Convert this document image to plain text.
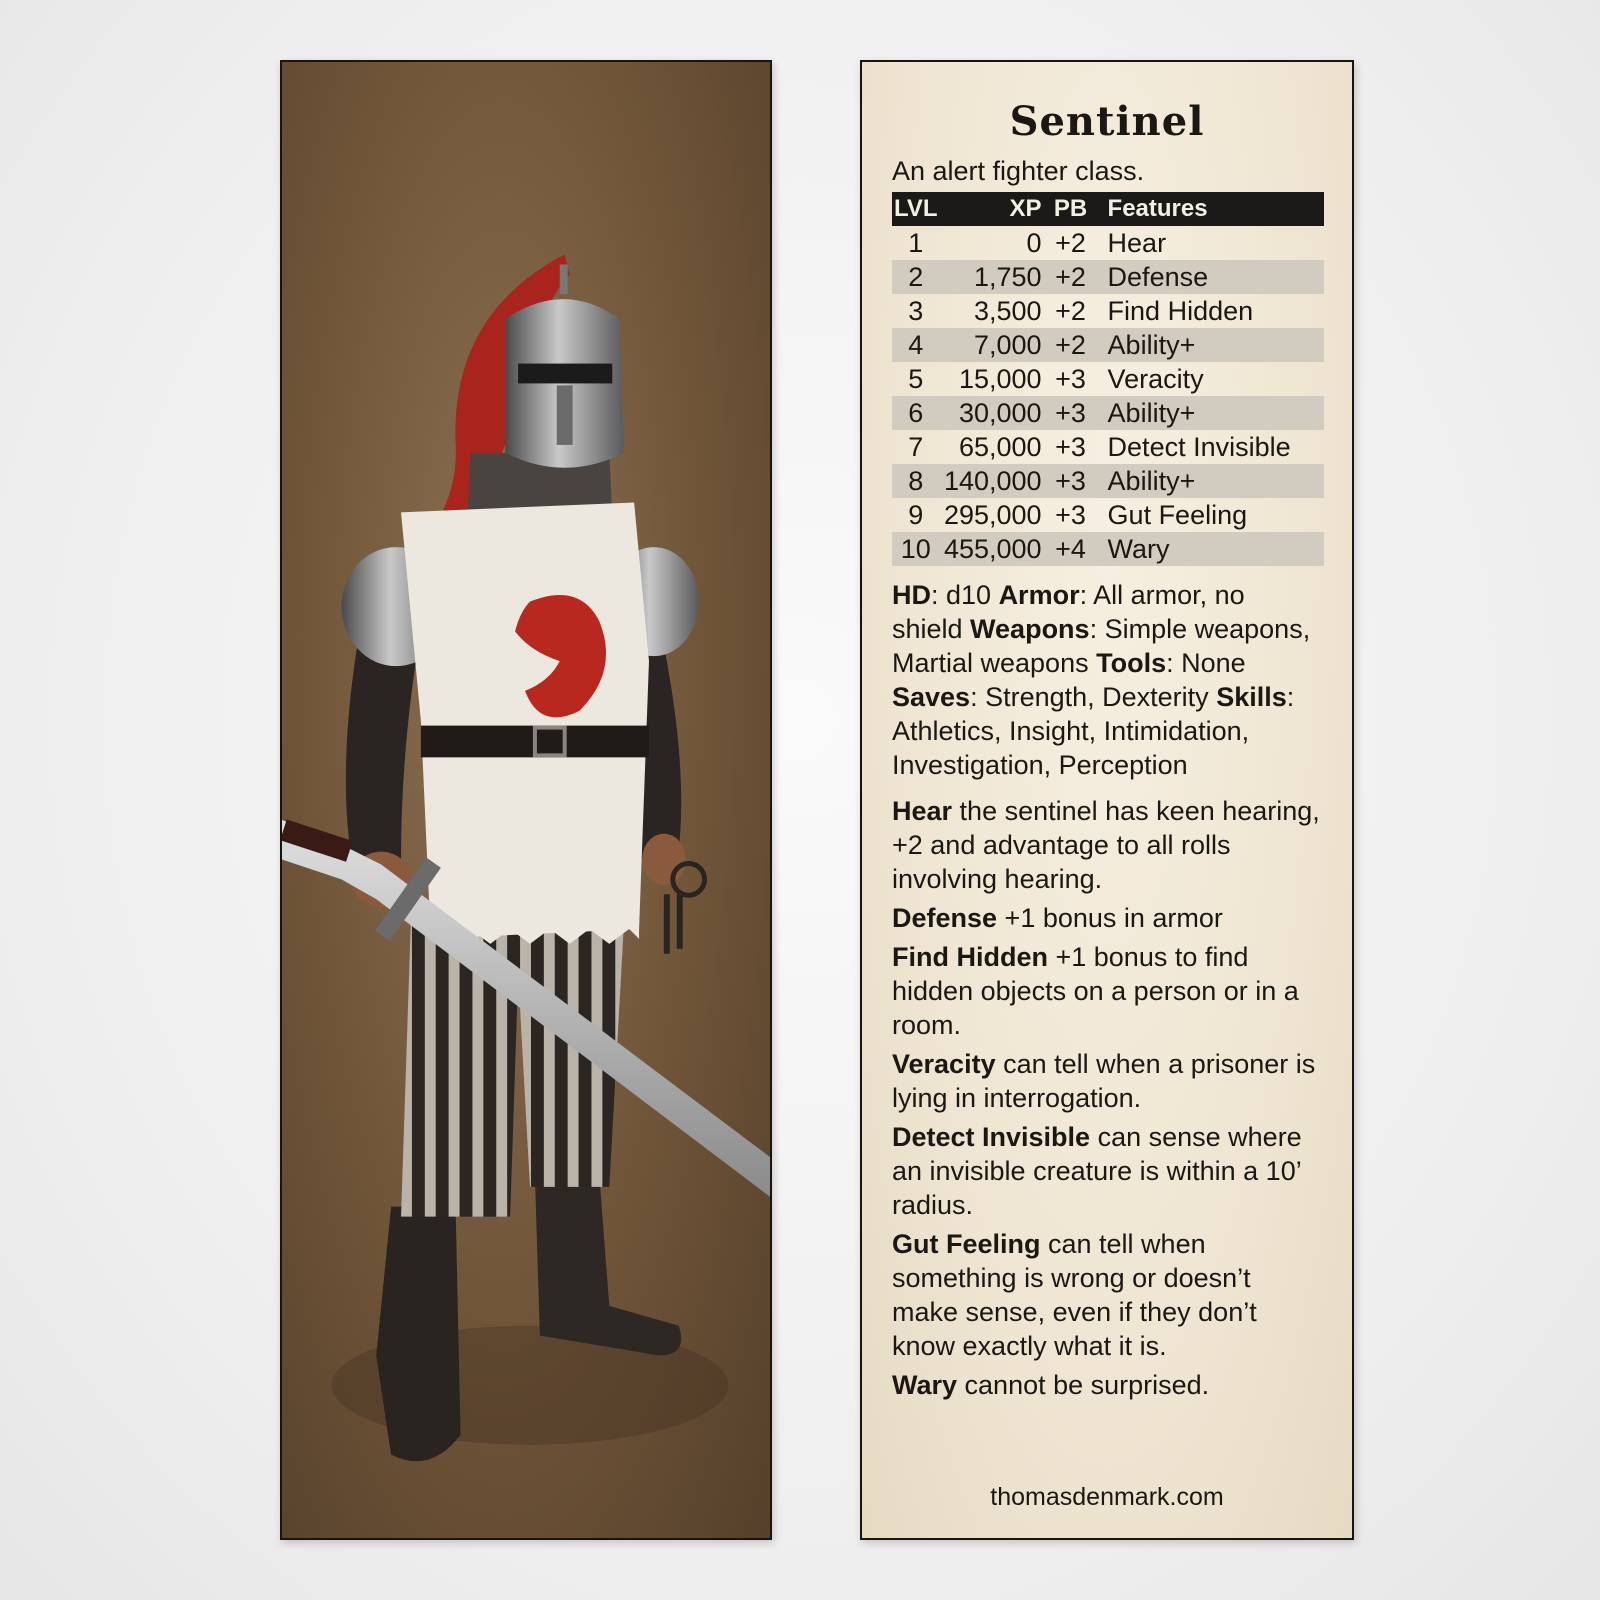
Sentinel
An alert fighter class.
LVL	XP	PB	Features
1	0	+2	Hear
2	1,750	+2	Defense
3	3,500	+2	Find Hidden
4	7,000	+2	Ability+
5	15,000	+3	Veracity
6	30,000	+3	Ability+
7	65,000	+3	Detect Invisible
8	140,000	+3	Ability+
9	295,000	+3	Gut Feeling
10	455,000	+4	Wary

HD: d10 Armor: All armor, no shield Weapons: Simple weapons, Martial weapons Tools: None Saves: Strength, Dexterity Skills: Athletics, Insight, Intimidation, Investigation, Perception

Hear the sentinel has keen hearing, +2 and advantage to all rolls involving hearing.

Defense +1 bonus in armor

Find Hidden +1 bonus to find hidden objects on a person or in a room.

Veracity can tell when a prisoner is lying in interrogation.

Detect Invisible can sense where an invisible creature is within a 10’ radius.

Gut Feeling can tell when something is wrong or doesn’t make sense, even if they don’t know exactly what it is.

Wary cannot be surprised.

thomasdenmark.com
